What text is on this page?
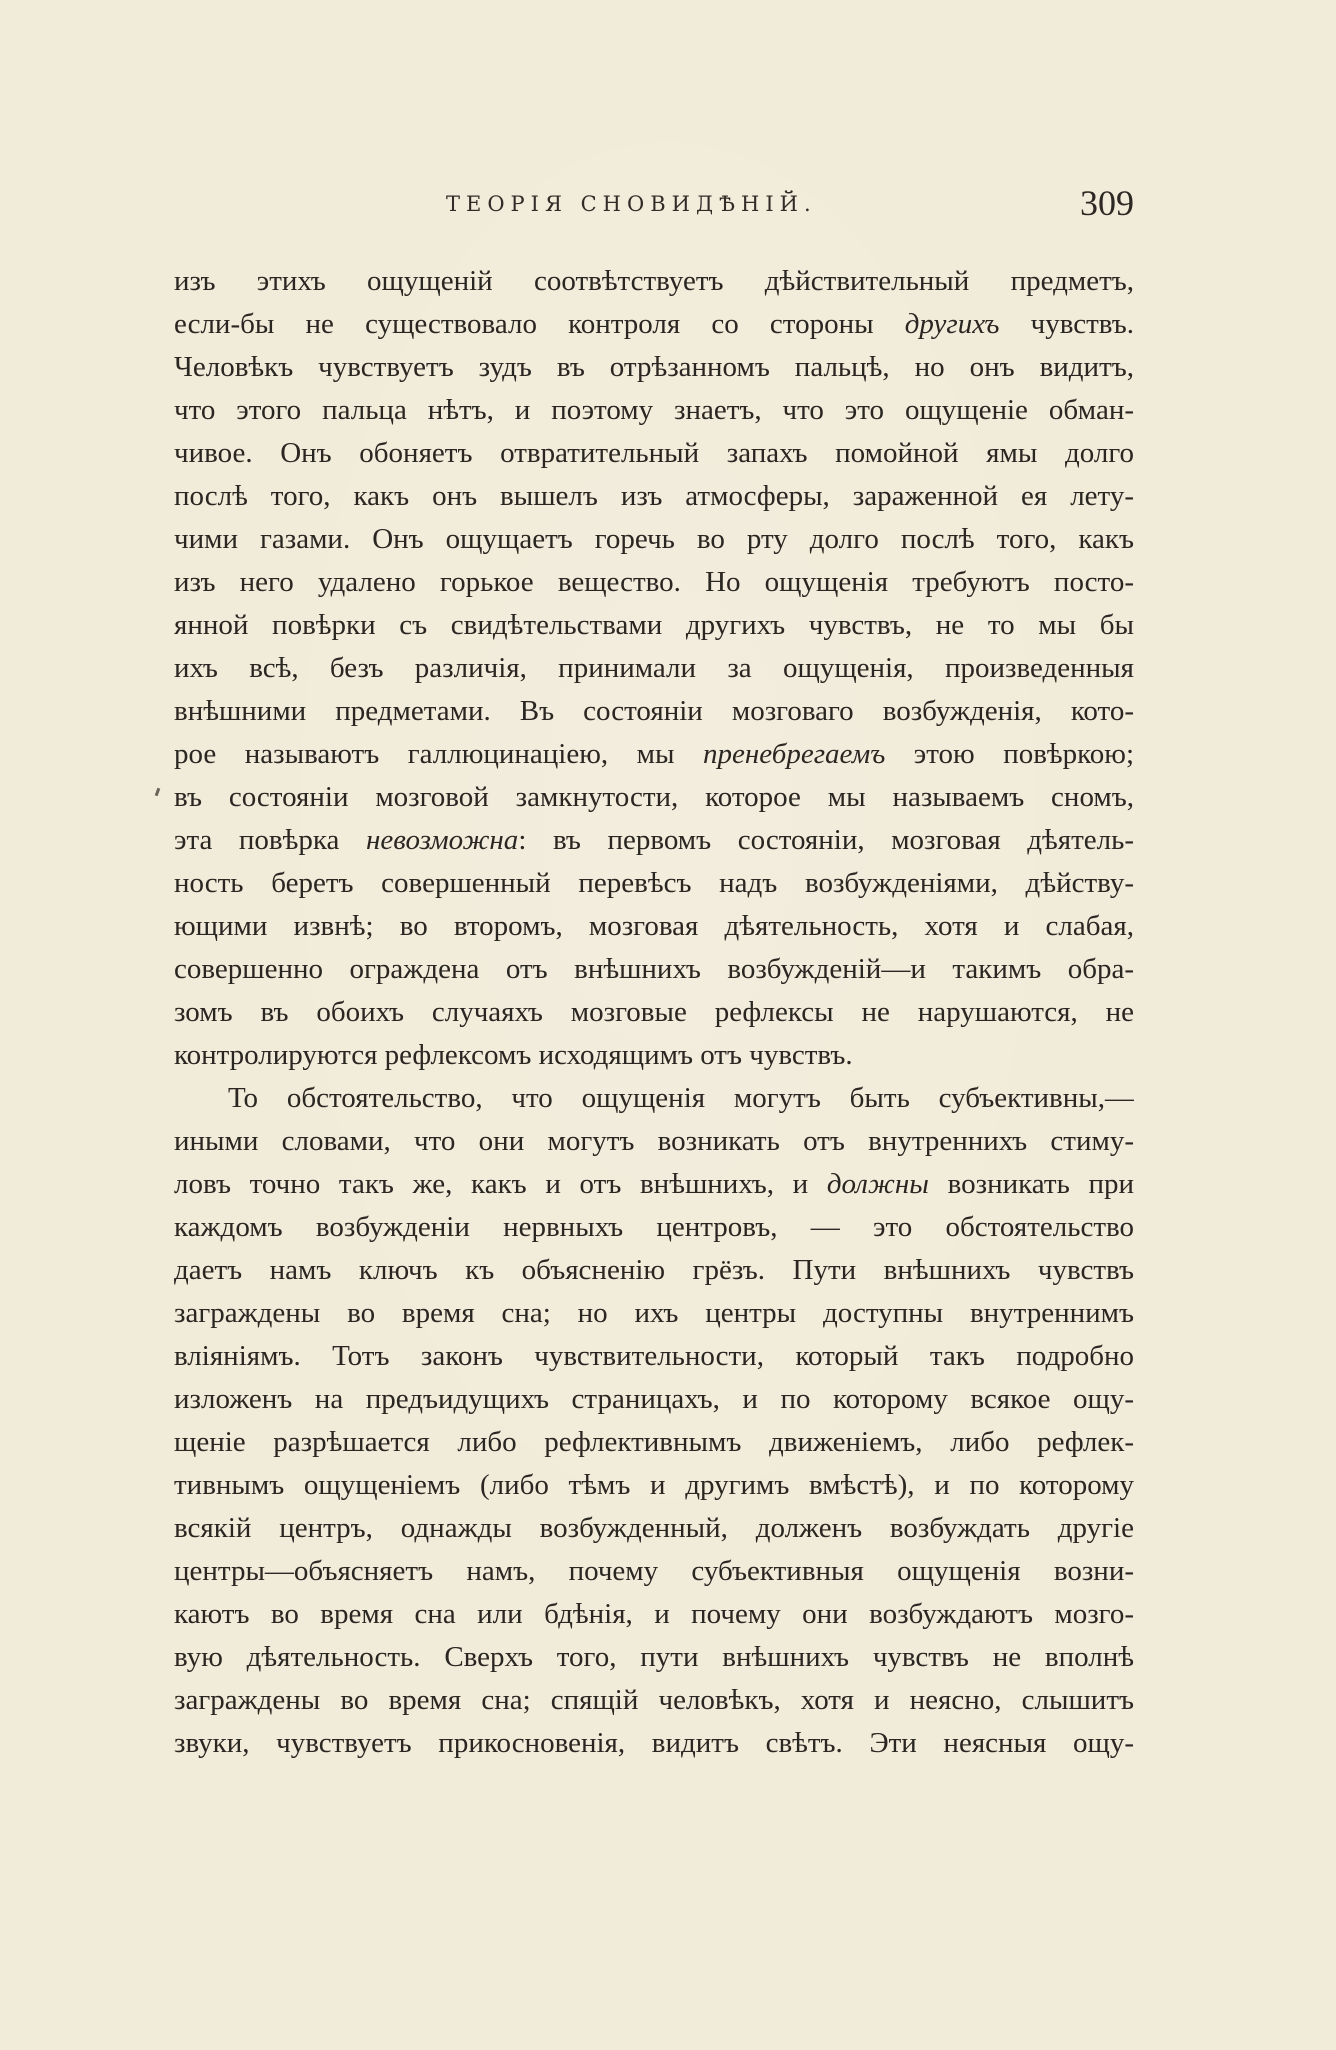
ТЕОРІЯ СНОВИДѢНІЙ.	309
изъ этихъ ощущеній соотвѣтствуетъ дѣйствительный предметъ,
если-бы не существовало контроля со стороны другихъ чувствъ.
Человѣкъ чувствуетъ зудъ въ отрѣзанномъ пальцѣ, но онъ видитъ,
что этого пальца нѣтъ, и поэтому знаетъ, что это ощущеніе обман-
чивое. Онъ обоняетъ отвратительный запахъ помойной ямы долго
послѣ того, какъ онъ вышелъ изъ атмосферы, зараженной ея лету-
чими газами. Онъ ощущаетъ горечь во рту долго послѣ того, какъ
изъ него удалено горькое вещество. Но ощущенія требуютъ посто-
янной повѣрки съ свидѣтельствами другихъ чувствъ, не то мы бы
ихъ всѣ, безъ различія, принимали за ощущенія, произведенныя
внѣшними предметами. Въ состояніи мозговаго возбужденія, кото-
рое называютъ галлюцинаціею, мы пренебрегаемъ этою повѣркою;
въ состояніи мозговой замкнутости, которое мы называемъ сномъ,
эта повѣрка невозможна: въ первомъ состояніи, мозговая дѣятель-
ность беретъ совершенный перевѣсъ надъ возбужденіями, дѣйству-
ющими извнѣ; во второмъ, мозговая дѣятельность, хотя и слабая,
совершенно ограждена отъ внѣшнихъ возбужденій—и такимъ обра-
зомъ въ обоихъ случаяхъ мозговые рефлексы не нарушаются, не
контролируются рефлексомъ исходящимъ отъ чувствъ.
То обстоятельство, что ощущенія могутъ быть субъективны,—
иными словами, что они могутъ возникать отъ внутреннихъ стиму-
ловъ точно такъ же, какъ и отъ внѣшнихъ, и должны возникать при
каждомъ возбужденіи нервныхъ центровъ, — это обстоятельство
даетъ намъ ключъ къ объясненію грёзъ. Пути внѣшнихъ чувствъ
заграждены во время сна; но ихъ центры доступны внутреннимъ
вліяніямъ. Тотъ законъ чувствительности, который такъ подробно
изложенъ на предъидущихъ страницахъ, и по которому всякое ощу-
щеніе разрѣшается либо рефлективнымъ движеніемъ, либо рефлек-
тивнымъ ощущеніемъ (либо тѣмъ и другимъ вмѣстѣ), и по которому
всякій центръ, однажды возбужденный, долженъ возбуждать другіе
центры—объясняетъ намъ, почему субъективныя ощущенія возни-
каютъ во время сна или бдѣнія, и почему они возбуждаютъ мозго-
вую дѣятельность. Сверхъ того, пути внѣшнихъ чувствъ не вполнѣ
заграждены во время сна; спящій человѣкъ, хотя и неясно, слышитъ
звуки, чувствуетъ прикосновенія, видитъ свѣтъ. Эти неясныя ощу-
